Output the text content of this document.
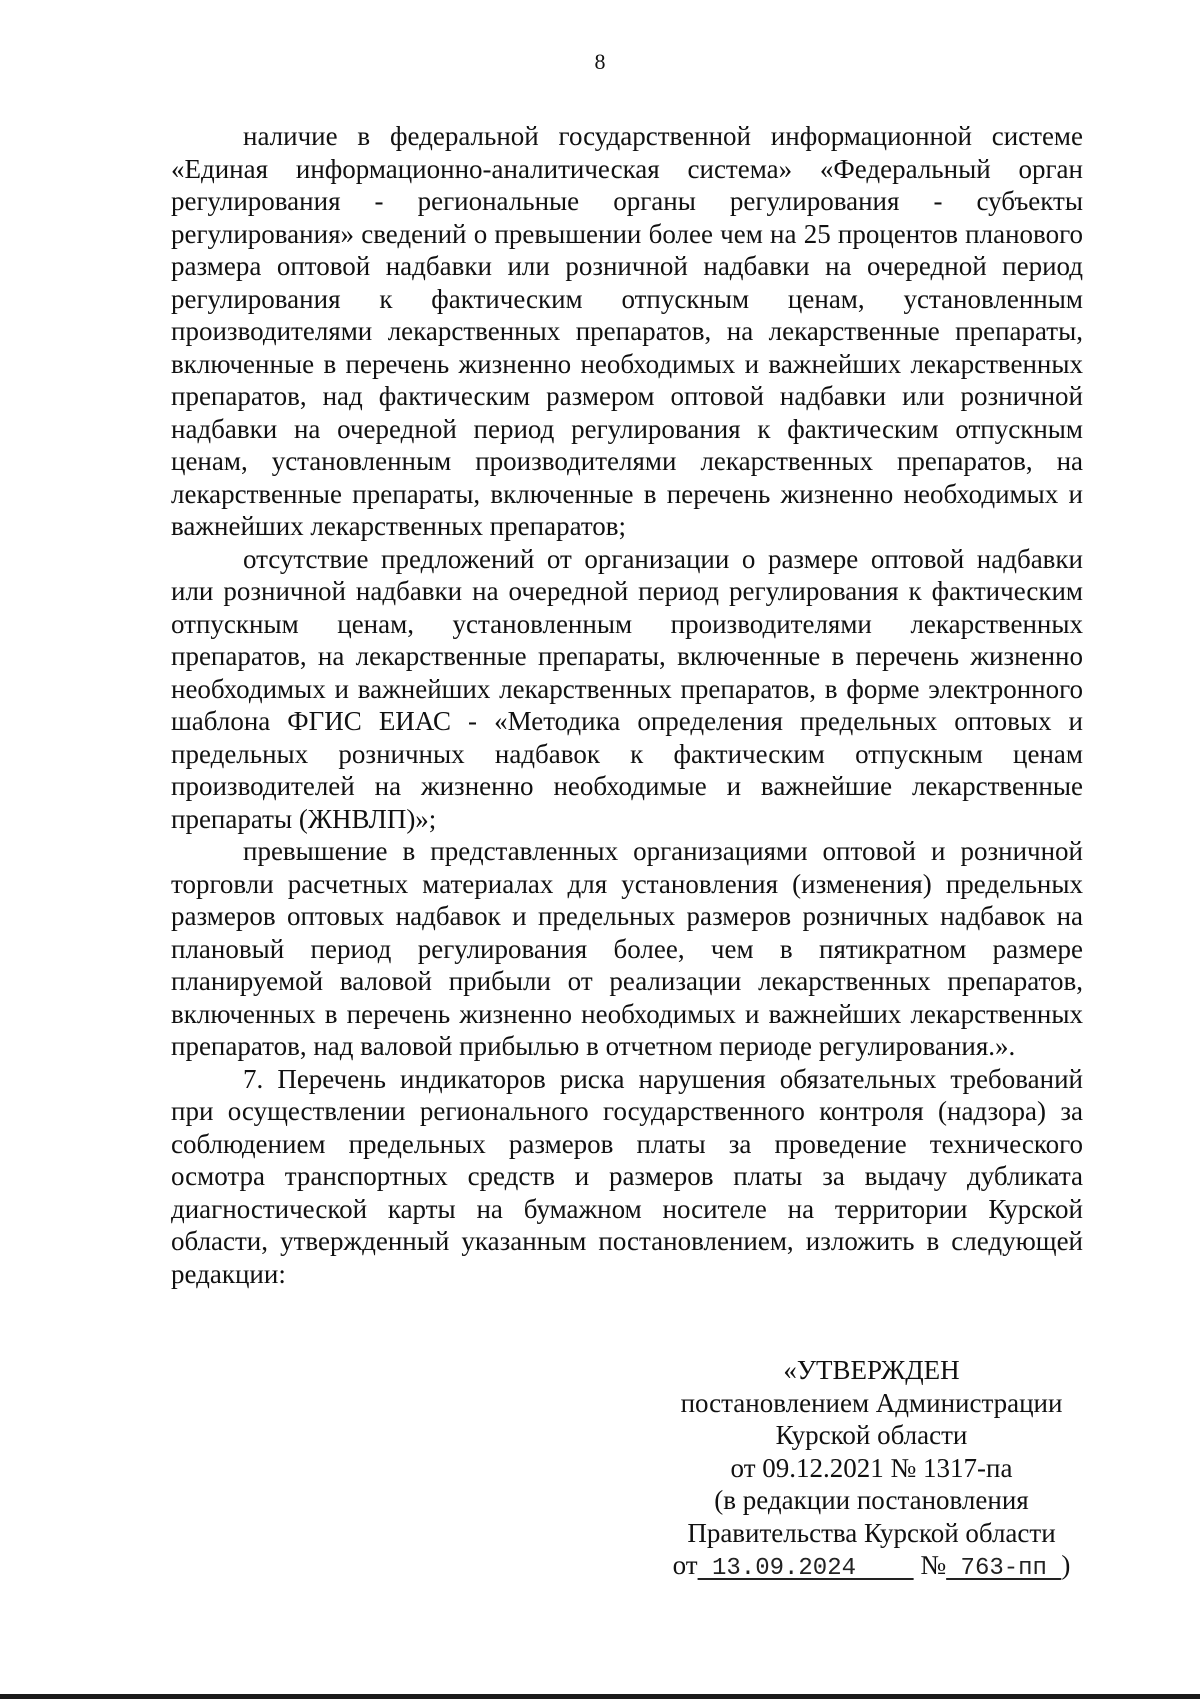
8

наличие в федеральной государственной информационной системе «Единая информационно-аналитическая система» «Федеральный орган регулирования - региональные органы регулирования - субъекты регулирования» сведений о превышении более чем на 25 процентов планового размера оптовой надбавки или розничной надбавки на очередной период регулирования к фактическим отпускным ценам, установленным производителями лекарственных препаратов, на лекарственные препараты, включенные в перечень жизненно необходимых и важнейших лекарственных препаратов, над фактическим размером оптовой надбавки или розничной надбавки на очередной период регулирования к фактическим отпускным ценам, установленным производителями лекарственных препаратов, на лекарственные препараты, включенные в перечень жизненно необходимых и важнейших лекарственных препаратов;

отсутствие предложений от организации о размере оптовой надбавки или розничной надбавки на очередной период регулирования к фактическим отпускным ценам, установленным производителями лекарственных препаратов, на лекарственные препараты, включенные в перечень жизненно необходимых и важнейших лекарственных препаратов, в форме электронного шаблона ФГИС ЕИАС - «Методика определения предельных оптовых и предельных розничных надбавок к фактическим отпускным ценам производителей на жизненно необходимые и важнейшие лекарственные препараты (ЖНВЛП)»;

превышение в представленных организациями оптовой и розничной торговли расчетных материалах для установления (изменения) предельных размеров оптовых надбавок и предельных размеров розничных надбавок на плановый период регулирования более, чем в пятикратном размере планируемой валовой прибыли от реализации лекарственных препаратов, включенных в перечень жизненно необходимых и важнейших лекарственных препаратов, над валовой прибылью в отчетном периоде регулирования.».

7. Перечень индикаторов риска нарушения обязательных требований при осуществлении регионального государственного контроля (надзора) за соблюдением предельных размеров платы за проведение технического осмотра транспортных средств и размеров платы за выдачу дубликата диагностической карты на бумажном носителе на территории Курской области, утвержденный указанным постановлением, изложить в следующей редакции:

«УТВЕРЖДЕН
постановлением Администрации
Курской области
от 09.12.2021 № 1317-па
(в редакции постановления
Правительства Курской области
от 13.09.2024     № 763-пп )
